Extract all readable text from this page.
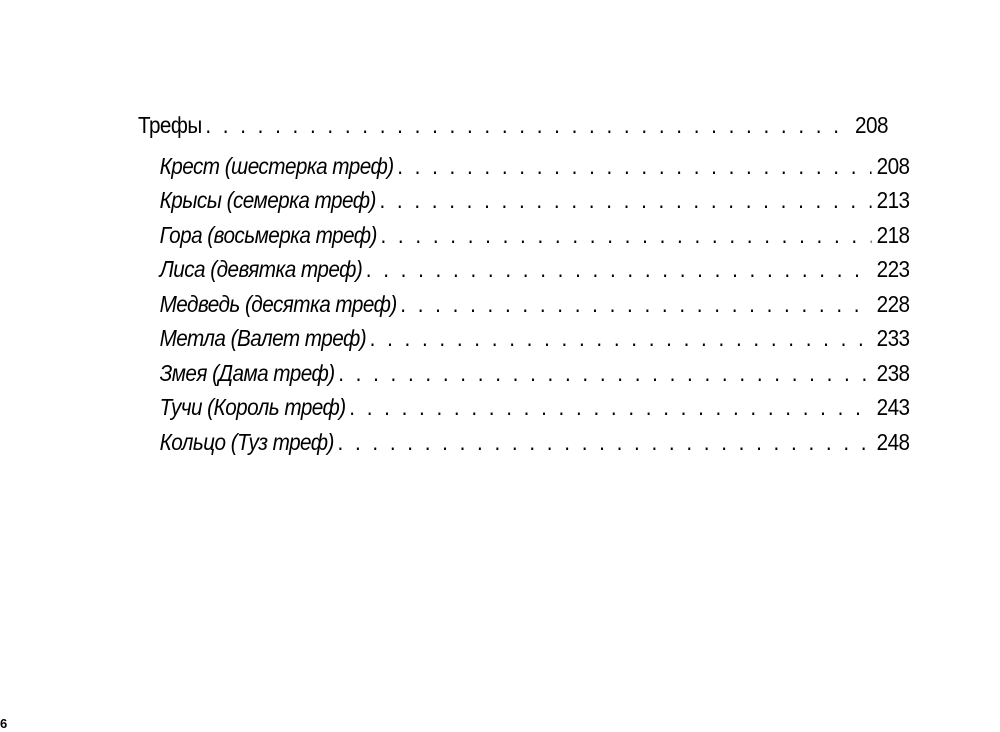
Трефы . . .	208
Крест (шестерка треф) . . .	208
Крысы (семерка треф) . . .	213
Гора (восьмерка треф) . . .	218
Лиса (девятка треф) . . .	223
Медведь (десятка треф) . . .	228
Метла (Валет треф) . . .	233
Змея (Дама треф) . . .	238
Тучи (Король треф) . . .	243
Кольцо (Туз треф) . . .	248
6
